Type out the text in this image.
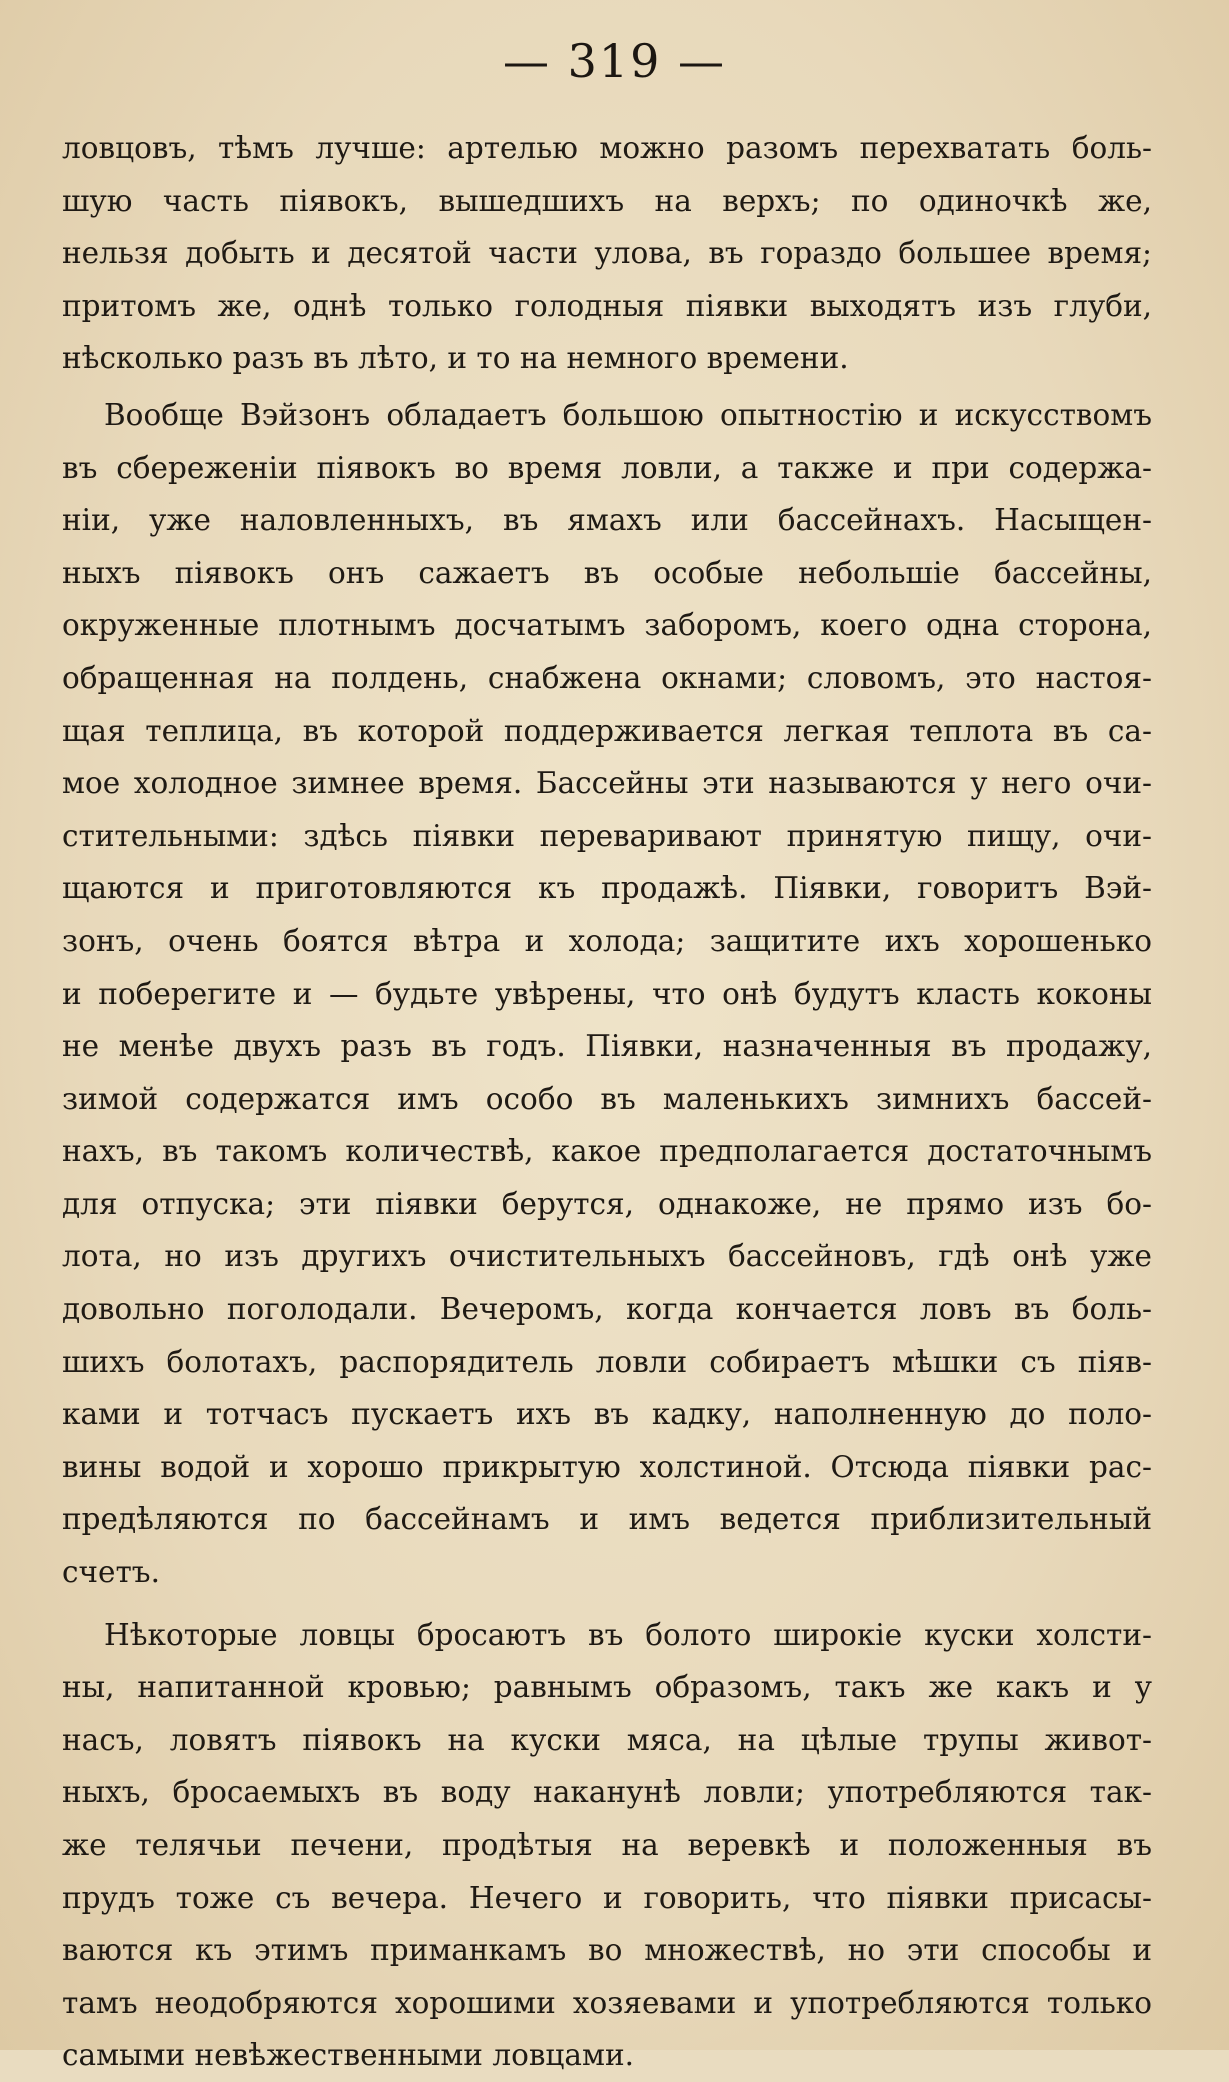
— 319 —
ловцовъ, тѣмъ лучше: артелью можно разомъ перехватать боль-
шую часть піявокъ, вышедшихъ на верхъ; по одиночкѣ же,
нельзя добыть и десятой части улова, въ гораздо большее время;
притомъ же, однѣ только голодныя піявки выходятъ изъ глуби,
нѣсколько разъ въ лѣто, и то на немного времени.
Вообще Вэйзонъ обладаетъ большою опытностію и искусствомъ
въ сбереженіи піявокъ во время ловли, а также и при содержа-
ніи, уже наловленныхъ, въ ямахъ или бассейнахъ. Насыщен-
ныхъ піявокъ онъ сажаетъ въ особые небольшіе бассейны,
окруженные плотнымъ досчатымъ заборомъ, коего одна сторона,
обращенная на полдень, снабжена окнами; словомъ, это настоя-
щая теплица, въ которой поддерживается легкая теплота въ са-
мое холодное зимнее время. Бассейны эти называются у него очи-
стительными: здѣсь піявки переваривают принятую пищу, очи-
щаются и приготовляются къ продажѣ. Піявки, говоритъ Вэй-
зонъ, очень боятся вѣтра и холода; защитите ихъ хорошенько
и поберегите и — будьте увѣрены, что онѣ будутъ класть коконы
не менѣе двухъ разъ въ годъ. Піявки, назначенныя въ продажу,
зимой содержатся имъ особо въ маленькихъ зимнихъ бассей-
нахъ, въ такомъ количествѣ, какое предполагается достаточнымъ
для отпуска; эти піявки берутся, однакоже, не прямо изъ бо-
лота, но изъ другихъ очистительныхъ бассейновъ, гдѣ онѣ уже
довольно поголодали. Вечеромъ, когда кончается ловъ въ боль-
шихъ болотахъ, распорядитель ловли собираетъ мѣшки съ піяв-
ками и тотчасъ пускаетъ ихъ въ кадку, наполненную до поло-
вины водой и хорошо прикрытую холстиной. Отсюда піявки рас-
предѣляются по бассейнамъ и имъ ведется приблизительный
счетъ.
Нѣкоторые ловцы бросаютъ въ болото широкіе куски холсти-
ны, напитанной кровью; равнымъ образомъ, такъ же какъ и у
насъ, ловятъ піявокъ на куски мяса, на цѣлые трупы живот-
ныхъ, бросаемыхъ въ воду наканунѣ ловли; употребляются так-
же телячьи печени, продѣтыя на веревкѣ и положенныя въ
прудъ тоже съ вечера. Нечего и говорить, что піявки присасы-
ваются къ этимъ приманкамъ во множествѣ, но эти способы и
тамъ неодобряются хорошими хозяевами и употребляются только
самыми невѣжественными ловцами.
